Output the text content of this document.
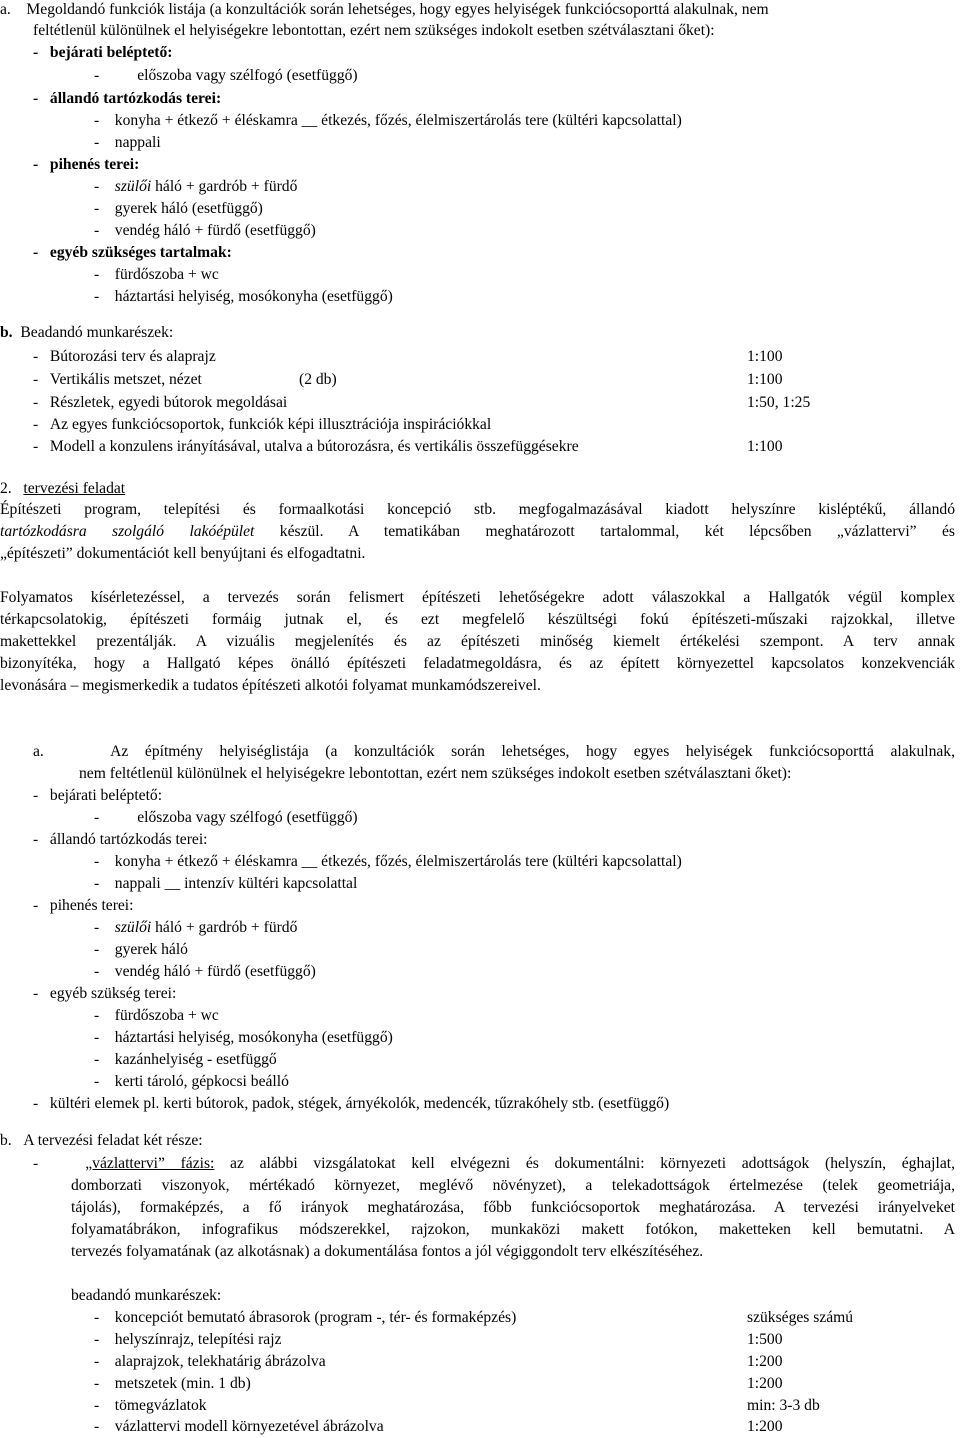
a. Megoldandó funkciók listája (a konzultációk során lehetséges, hogy egyes helyiségek funkciócsoporttá alakulnak, nem
feltétlenül különülnek el helyiségekre lebontottan, ezért nem szükséges indokolt esetben szétválasztani őket):
- bejárati beléptető:
- előszoba vagy szélfogó (esetfüggő)
- állandó tartózkodás terei:
- konyha + étkező + éléskamra __ étkezés, főzés, élelmiszertárolás tere (kültéri kapcsolattal)
- nappali
- pihenés terei:
- szülői háló + gardrób + fürdő
- gyerek háló (esetfüggő)
- vendég háló + fürdő (esetfüggő)
- egyéb szükséges tartalmak:
- fürdőszoba + wc
- háztartási helyiség, mosókonyha (esetfüggő)
b. Beadandó munkarészek:
- Bútorozási terv és alaprajz	1:100
- Vertikális metszet, nézet	(2 db)	1:100
- Részletek, egyedi bútorok megoldásai	1:50, 1:25
- Az egyes funkciócsoportok, funkciók képi illusztrációja inspirációkkal
- Modell a konzulens irányításával, utalva a bútorozásra, és vertikális összefüggésekre	1:100
2. tervezési feladat
Építészeti program, telepítési és formaalkotási koncepció stb. megfogalmazásával kiadott helyszínre kisléptékű, állandó
tartózkodásra szolgáló lakóépület készül. A tematikában meghatározott tartalommal, két lépcsőben „vázlattervi” és
„építészeti” dokumentációt kell benyújtani és elfogadtatni.
Folyamatos kísérletezéssel, a tervezés során felismert építészeti lehetőségekre adott válaszokkal a Hallgatók végül komplex
térkapcsolatokig, építészeti formáig jutnak el, és ezt megfelelő készültségi fokú építészeti-műszaki rajzokkal, illetve
makettekkel prezentálják. A vizuális megjelenítés és az építészeti minőség kiemelt értékelési szempont. A terv annak
bizonyítéka, hogy a Hallgató képes önálló építészeti feladatmegoldásra, és az épített környezettel kapcsolatos konzekvenciák
levonására – megismerkedik a tudatos építészeti alkotói folyamat munkamódszereivel.
a.	Az építmény helyiséglistája (a konzultációk során lehetséges, hogy egyes helyiségek funkciócsoporttá alakulnak,
nem feltétlenül különülnek el helyiségekre lebontottan, ezért nem szükséges indokolt esetben szétválasztani őket):
- bejárati beléptető:
- előszoba vagy szélfogó (esetfüggő)
- állandó tartózkodás terei:
- konyha + étkező + éléskamra __ étkezés, főzés, élelmiszertárolás tere (kültéri kapcsolattal)
- nappali __ intenzív kültéri kapcsolattal
- pihenés terei:
- szülői háló + gardrób + fürdő
- gyerek háló
- vendég háló + fürdő (esetfüggő)
- egyéb szükség terei:
- fürdőszoba + wc
- háztartási helyiség, mosókonyha (esetfüggő)
- kazánhelyiség - esetfüggő
- kerti tároló, gépkocsi beálló
- kültéri elemek pl. kerti bútorok, padok, stégek, árnyékolók, medencék, tűzrakóhely stb. (esetfüggő)
b. A tervezési feladat két része:
-	„vázlattervi” fázis: az alábbi vizsgálatokat kell elvégezni és dokumentálni: környezeti adottságok (helyszín, éghajlat,
domborzati viszonyok, mértékadó környezet, meglévő növényzet), a telekadottságok értelmezése (telek geometriája,
tájolás), formaképzés, a fő irányok meghatározása, főbb funkciócsoportok meghatározása. A tervezési irányelveket
folyamatábrákon, infografikus módszerekkel, rajzokon, munkaközi makett fotókon, maketteken kell bemutatni. A
tervezés folyamatának (az alkotásnak) a dokumentálása fontos a jól végiggondolt terv elkészítéséhez.
beadandó munkarészek:
- koncepciót bemutató ábrasorok (program -, tér- és formaképzés)	szükséges számú
- helyszínrajz, telepítési rajz	1:500
- alaprajzok, telekhatárig ábrázolva	1:200
- metszetek (min. 1 db)	1:200
- tömegvázlatok	min: 3-3 db
- vázlattervi modell környezetével ábrázolva	1:200
